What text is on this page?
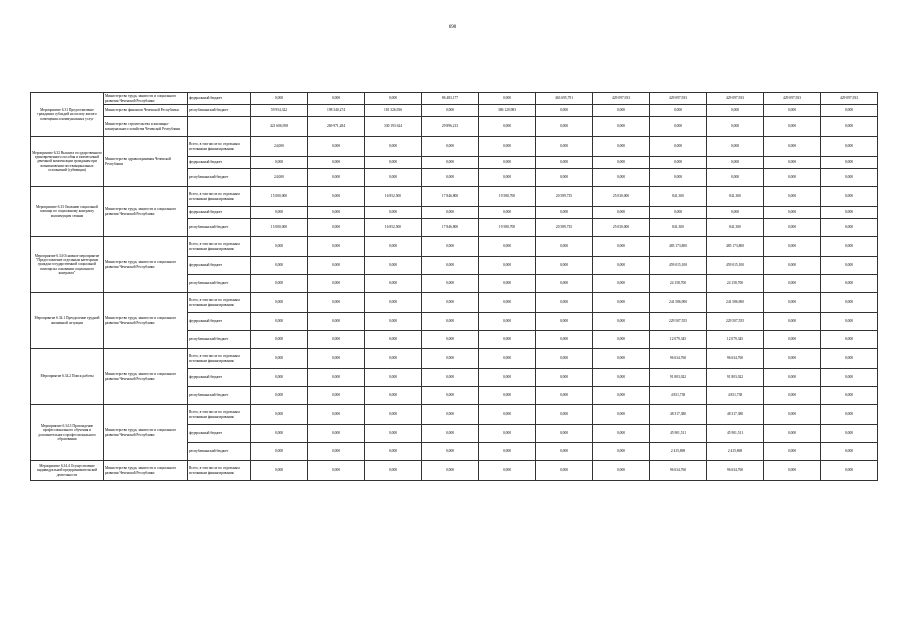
690
Мероприятие 6.31 Предоставление гражданам субсидий на оплату жилого помещения и коммунальных услуг	Министерство труда, занятости и социального развития Чеченской Республики	федеральный бюджет	0,000	0,000	0,000	86 483,177	0,000	463 695,791	429 097,933	429 097,933	429 097,933	429 097,933	429 097,933
	Министерство финансов Чеченской Республики	республиканский бюджет	59 954,322	198 340,274	181 326,936	0,000	386 120,983	0,000	0,000	0,000	0,000	0,000	0,000
	Министерство строительства и жилищно-коммунального хозяйства Чеченской Республики		421 606,958	269 971,284	330 193 624	29 896,213	0,000	0,000	0,000	0,000	0,000	0,000	0,000
Мероприятие 6.32 Выплата государственного единовременного пособия и ежемесячной денежной компенсации гражданам при возникновении поствакцинальных осложнений (субвенция)	Министерство здравоохранения Чеченской Республики	Всего, в том числе по отдельным источникам финансирования:	24,000	0,000	0,000	0,000	0,000	0,000	0,000	0,000	0,000	0,000	0,000
		федеральный бюджет	0,000	0,000	0,000	0,000	0,000	0,000	0,000	0,000	0,000	0,000	0,000
		республиканский бюджет	24,000	0,000	0,000	0,000	0,000	0,000	0,000	0,000	0,000	0,000	0,000
Мероприятие 6.33 Оказание социальной помощи по социальному контракту малоимущим семьям	Министерство труда, занятости и социального развития Чеченской Республики	Всего, в том числе по отдельным источникам финансирования:	15 000,000	0,000	16 852,500	17 846,800	19 580,700	20 589,735	25 030,000	841,300	841,300	0,000	0,000
		федеральный бюджет	0,000	0,000	0,000	0,000	0,000	0,000	0,000	0,000	0,000	0,000	0,000
		республиканский бюджет	15 000,000	0,000	16 852,500	17 846,800	19 580,700	20 589,735	25 030,000	841,300	841,300	0,000	0,000
Мероприятие 6.34 Основное мероприятие "Предоставление отдельным категориям граждан государственной социальной помощи на основании социального контракта"	Министерство труда, занятости и социального развития Чеченской Республики	Всего, в том числе по отдельным источникам финансирования:	0,000	0,000	0,000	0,000	0,000	0,000	0,000	483 173,800	483 173,800	0,000	0,000
		федеральный бюджет	0,000	0,000	0,000	0,000	0,000	0,000	0,000	459 015,100	459 015,100	0,000	0,000
		республиканский бюджет	0,000	0,000	0,000	0,000	0,000	0,000	0,000	24 158,700	24 158,700	0,000	0,000
Мероприятие 6.34.1 Преодоление трудной жизненной ситуации	Министерство труда, занятости и социального развития Чеченской Республики	Всего, в том числе по отдельным источникам финансирования:	0,000	0,000	0,000	0,000	0,000	0,000	0,000	241 586,900	241 586,900	0,000	0,000
		федеральный бюджет	0,000	0,000	0,000	0,000	0,000	0,000	0,000	229 507,555	229 507,555	0,000	0,000
		республиканский бюджет	0,000	0,000	0,000	0,000	0,000	0,000	0,000	12 079,345	12 079,345	0,000	0,000
Мероприятие 6.34.2 Поиск работы	Министерство труда, занятости и социального развития Чеченской Республики	Всего, в том числе по отдельным источникам финансирования:	0,000	0,000	0,000	0,000	0,000	0,000	0,000	96 634,760	96 634,760	0,000	0,000
		федеральный бюджет	0,000	0,000	0,000	0,000	0,000	0,000	0,000	91 803,022	91 803,022	0,000	0,000
		республиканский бюджет	0,000	0,000	0,000	0,000	0,000	0,000	0,000	4 831,738	4 831,738	0,000	0,000
Мероприятие 6.34.3 Прохождение профессионального обучения и дополнительного профессионального образования	Министерство труда, занятости и социального развития Чеченской Республики	Всего, в том числе по отдельным источникам финансирования:	0,000	0,000	0,000	0,000	0,000	0,000	0,000	48 317,380	48 317,380	0,000	0,000
		федеральный бюджет	0,000	0,000	0,000	0,000	0,000	0,000	0,000	45 901,511	45 901,511	0,000	0,000
		республиканский бюджет	0,000	0,000	0,000	0,000	0,000	0,000	0,000	2 415,869	2 415,869	0,000	0,000
Мероприятие 6.34.4 Осуществление индивидуальной предпринимательской деятельности	Министерство труда, занятости и социального развития Чеченской Республики	Всего, в том числе по отдельным источникам финансирования:	0,000	0,000	0,000	0,000	0,000	0,000	0,000	96 634,760	96 634,760	0,000	0,000
